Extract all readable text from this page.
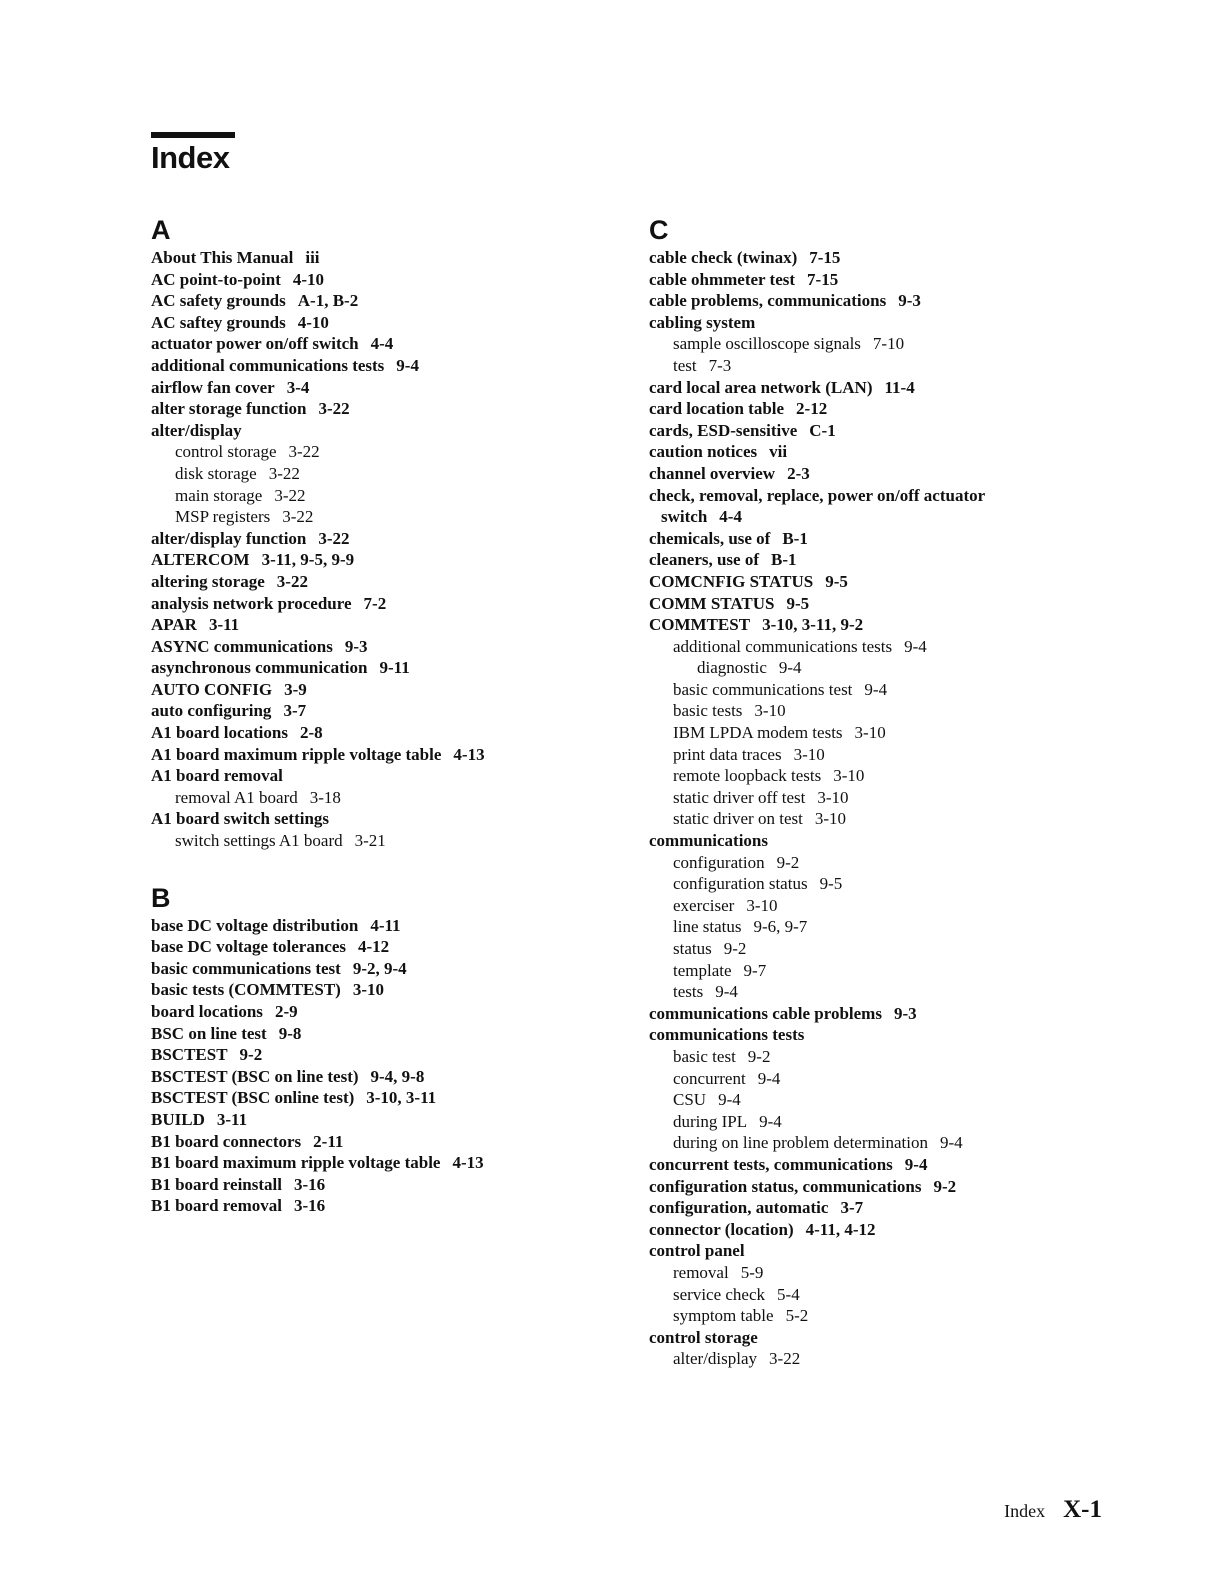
Index
A
About This Manual iii
AC point-to-point 4-10
AC safety grounds A-1, B-2
AC saftey grounds 4-10
actuator power on/off switch 4-4
additional communications tests 9-4
airflow fan cover 3-4
alter storage function 3-22
alter/display
control storage 3-22
disk storage 3-22
main storage 3-22
MSP registers 3-22
alter/display function 3-22
ALTERCOM 3-11, 9-5, 9-9
altering storage 3-22
analysis network procedure 7-2
APAR 3-11
ASYNC communications 9-3
asynchronous communication 9-11
AUTO CONFIG 3-9
auto configuring 3-7
A1 board locations 2-8
A1 board maximum ripple voltage table 4-13
A1 board removal
removal A1 board 3-18
A1 board switch settings
switch settings A1 board 3-21
B
base DC voltage distribution 4-11
base DC voltage tolerances 4-12
basic communications test 9-2, 9-4
basic tests (COMMTEST) 3-10
board locations 2-9
BSC on line test 9-8
BSCTEST 9-2
BSCTEST (BSC on line test) 9-4, 9-8
BSCTEST (BSC online test) 3-10, 3-11
BUILD 3-11
B1 board connectors 2-11
B1 board maximum ripple voltage table 4-13
B1 board reinstall 3-16
B1 board removal 3-16
C
cable check (twinax) 7-15
cable ohmmeter test 7-15
cable problems, communications 9-3
cabling system
sample oscilloscope signals 7-10
test 7-3
card local area network (LAN) 11-4
card location table 2-12
cards, ESD-sensitive C-1
caution notices vii
channel overview 2-3
check, removal, replace, power on/off actuator
switch 4-4
chemicals, use of B-1
cleaners, use of B-1
COMCNFIG STATUS 9-5
COMM STATUS 9-5
COMMTEST 3-10, 3-11, 9-2
additional communications tests 9-4
diagnostic 9-4
basic communications test 9-4
basic tests 3-10
IBM LPDA modem tests 3-10
print data traces 3-10
remote loopback tests 3-10
static driver off test 3-10
static driver on test 3-10
communications
configuration 9-2
configuration status 9-5
exerciser 3-10
line status 9-6, 9-7
status 9-2
template 9-7
tests 9-4
communications cable problems 9-3
communications tests
basic test 9-2
concurrent 9-4
CSU 9-4
during IPL 9-4
during on line problem determination 9-4
concurrent tests, communications 9-4
configuration status, communications 9-2
configuration, automatic 3-7
connector (location) 4-11, 4-12
control panel
removal 5-9
service check 5-4
symptom table 5-2
control storage
alter/display 3-22
Index X-1
